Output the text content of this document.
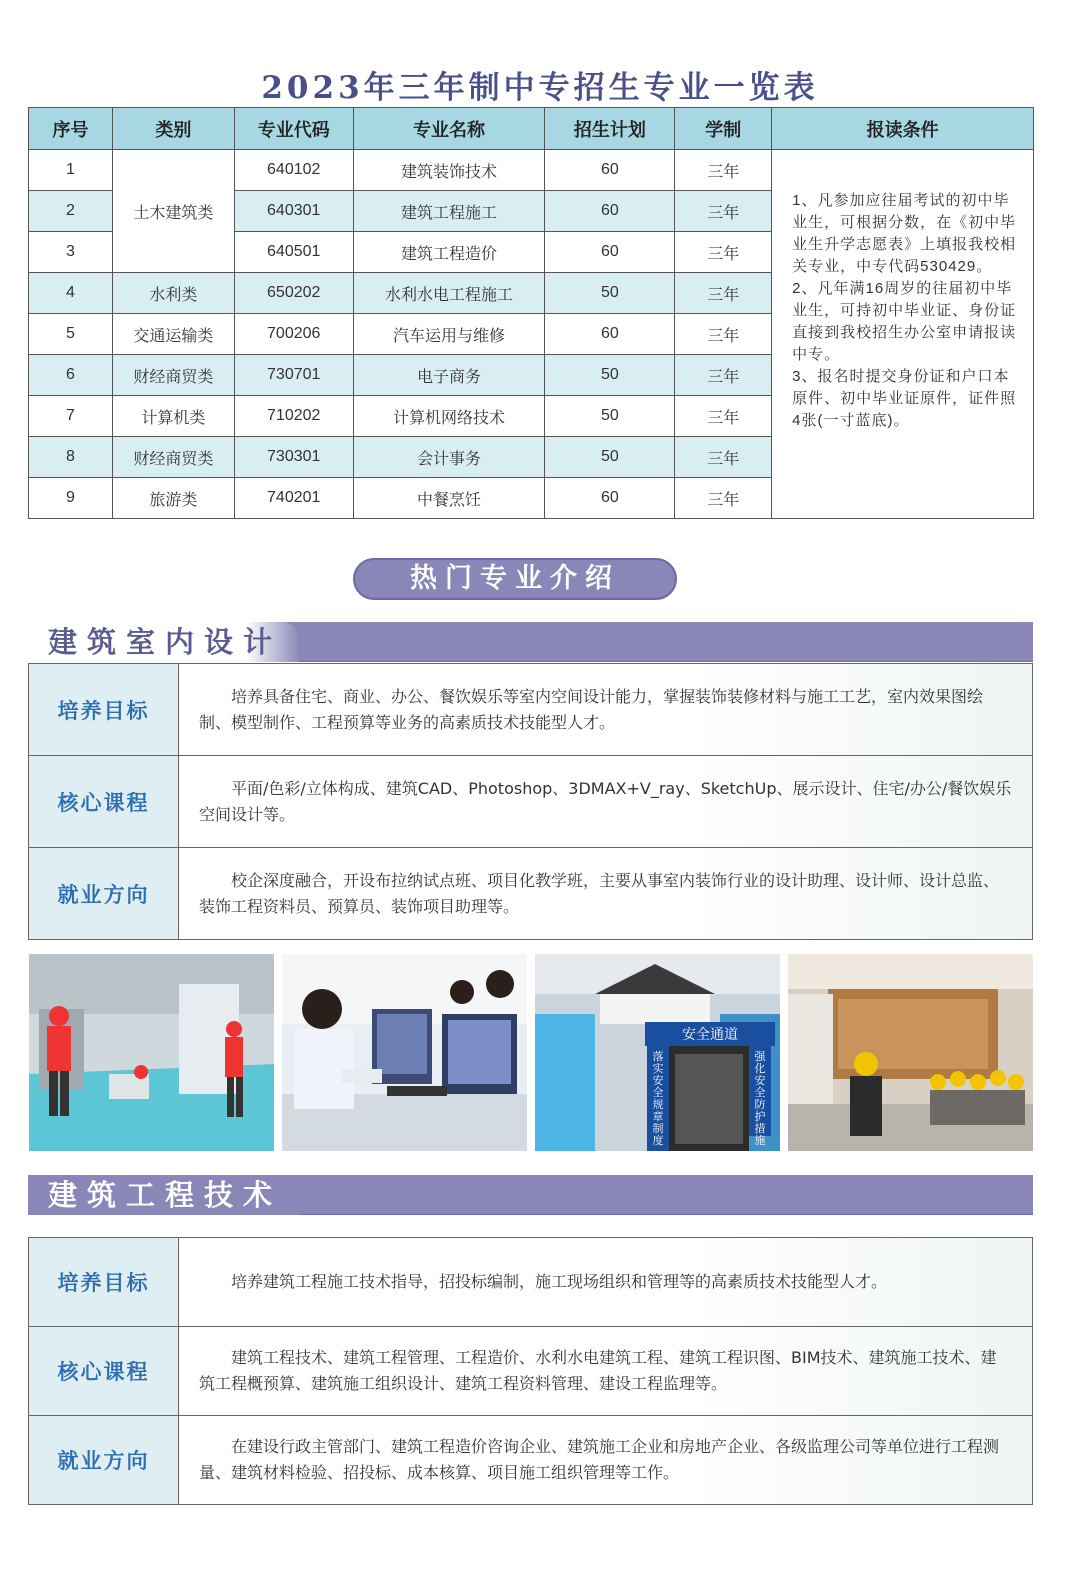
2023年三年制中专招生专业一览表
序号	类别	专业代码	专业名称	招生计划	学制	报读条件
1	土木建筑类	640102	建筑装饰技术	60	三年	1、凡参加应往届考试的初中毕业生，可根据分数，在《初中毕业生升学志愿表》上填报我校相关专业，中专代码530429。
2、凡年满16周岁的往届初中毕业生，可持初中毕业证、身份证直接到我校招生办公室申请报读中专。
3、报名时提交身份证和户口本原件、初中毕业证原件，证件照4张(一寸蓝底)。

2		640301	建筑工程施工	60	三年	
3		640501	建筑工程造价	60	三年	
4	水利类	650202	水利水电工程施工	50	三年	
5	交通运输类	700206	汽车运用与维修	60	三年	
6	财经商贸类	730701	电子商务	50	三年	
7	计算机类	710202	计算机网络技术	50	三年	
8	财经商贸类	730301	会计事务	50	三年	
9	旅游类	740201	中餐烹饪	60	三年	
热门专业介绍
建筑室内设计
培养目标	培养具备住宅、商业、办公、餐饮娱乐等室内空间设计能力，掌握装饰装修材料与施工工艺，室内效果图绘制、模型制作、工程预算等业务的高素质技术技能型人才。

核心课程	平面/色彩/立体构成、建筑CAD、Photoshop、3DMAX+V_ray、SketchUp、展示设计、住宅/办公/餐饮娱乐空间设计等。

就业方向	校企深度融合，开设布拉纳试点班、项目化教学班，主要从事室内装饰行业的设计助理、设计师、设计总监、装饰工程资料员、预算员、装饰项目助理等。

安全通道
落实安全规章制度
强化安全防护措施
建筑工程技术
培养目标	培养建筑工程施工技术指导，招投标编制，施工现场组织和管理等的高素质技术技能型人才。

核心课程	建筑工程技术、建筑工程管理、工程造价、水利水电建筑工程、建筑工程识图、BIM技术、建筑施工技术、建筑工程概预算、建筑施工组织设计、建筑工程资料管理、建设工程监理等。

就业方向	在建设行政主管部门、建筑工程造价咨询企业、建筑施工企业和房地产企业、各级监理公司等单位进行工程测量、建筑材料检验、招投标、成本核算、项目施工组织管理等工作。
